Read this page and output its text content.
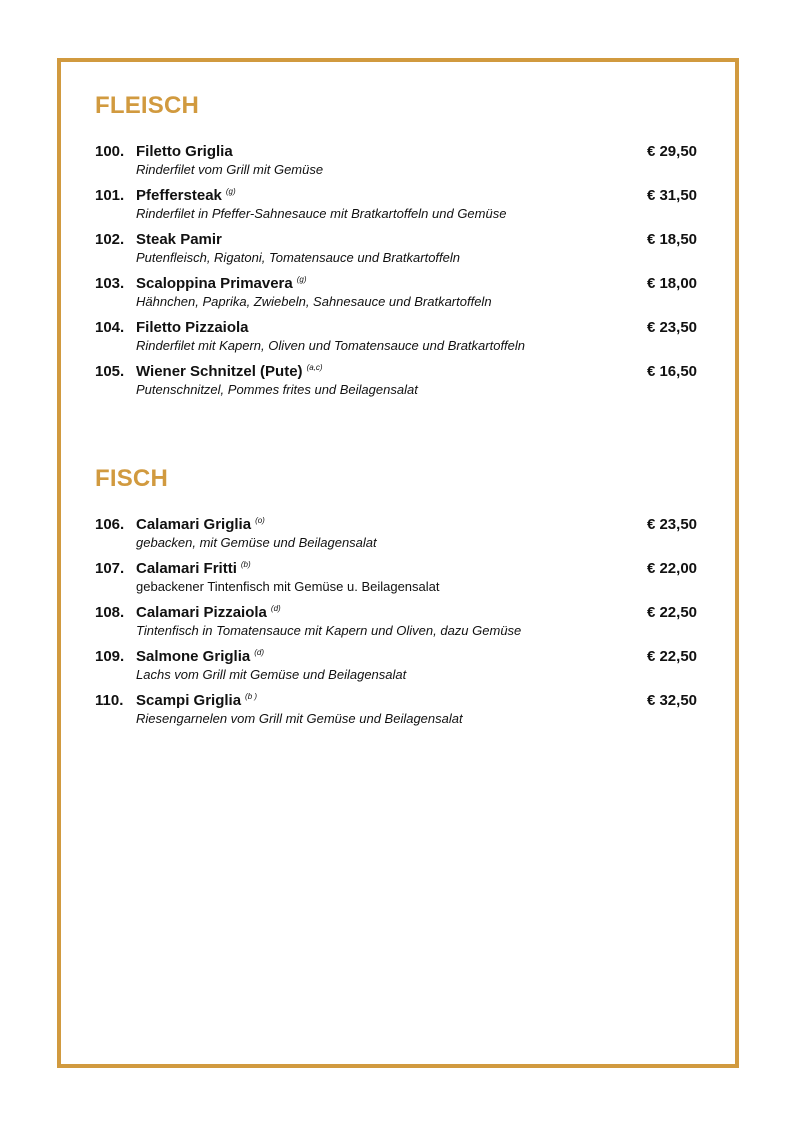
FLEISCH
100. Filetto Griglia	€ 29,50
Rinderfilet vom Grill mit Gemüse
101. Pfeffersteak (g)	€ 31,50
Rinderfilet in Pfeffer-Sahnesauce mit Bratkartoffeln und Gemüse
102. Steak Pamir	€ 18,50
Putenfleisch, Rigatoni, Tomatensauce und Bratkartoffeln
103. Scaloppina Primavera (g)	€ 18,00
Hähnchen, Paprika, Zwiebeln, Sahnesauce und Bratkartoffeln
104. Filetto Pizzaiola	€ 23,50
Rinderfilet mit Kapern, Oliven und Tomatensauce und Bratkartoffeln
105. Wiener Schnitzel (Pute) (a,c)	€ 16,50
Putenschnitzel, Pommes frites und Beilagensalat
FISCH
106. Calamari Griglia (o)	€ 23,50
gebacken, mit Gemüse und Beilagensalat
107. Calamari Fritti (b)	€ 22,00
gebackener Tintenfisch mit Gemüse u. Beilagensalat
108. Calamari Pizzaiola (d)	€ 22,50
Tintenfisch in Tomatensauce mit Kapern und Oliven, dazu Gemüse
109. Salmone Griglia (d)	€ 22,50
Lachs vom Grill mit Gemüse und Beilagensalat
110. Scampi Griglia (b )	€ 32,50
Riesengarnelen vom Grill mit Gemüse und Beilagensalat
